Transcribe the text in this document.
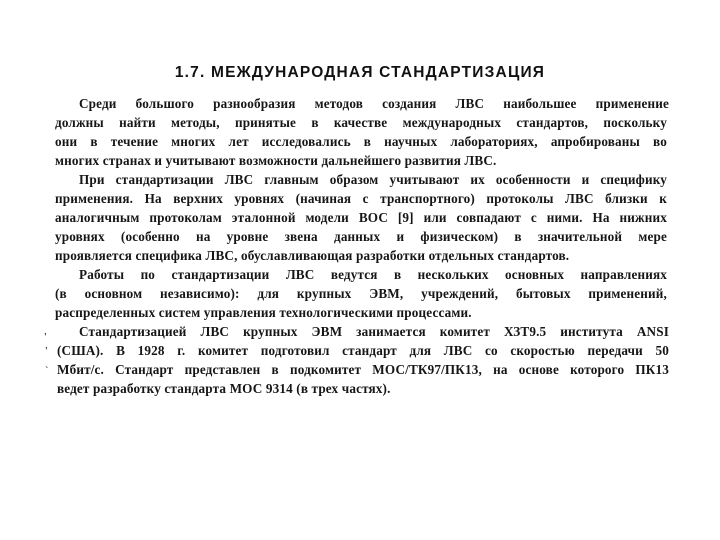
1.7. МЕЖДУНАРОДНАЯ СТАНДАРТИЗАЦИЯ
Среди большого разнообразия методов создания ЛВС наибольшее применение
должны найти методы, принятые в качестве международных стандартов, поскольку
они в течение многих лет исследовались в научных лабораториях, апробированы во
многих странах и учитывают возможности дальнейшего развития ЛВС.
При стандартизации ЛВС главным образом учитывают их особенности и специфику
применения. На верхних уровнях (начиная с транспортного) протоколы ЛВС близки к
аналогичным протоколам эталонной модели ВОС [9] или совпадают с ними. На нижних
уровнях (особенно на уровне звена данных и физическом) в значительной мере
проявляется специфика ЛВС, обуславливающая разработки отдельных стандартов.
Работы по стандартизации ЛВС ведутся в нескольких основных направлениях
(в основном независимо): для крупных ЭВМ, учреждений, бытовых применений,
распределенных систем управления технологическими процессами.
Стандартизацией ЛВС крупных ЭВМ занимается комитет ХЗТ9.5 института ANSI
(США). В 1928 г. комитет подготовил стандарт для ЛВС со скоростью передачи 50
Мбит/с. Стандарт представлен в подкомитет МОС/ТК97/ПК13, на основе которого ПК13
ведет разработку стандарта МОС 9314 (в трех частях).
'
'
`
